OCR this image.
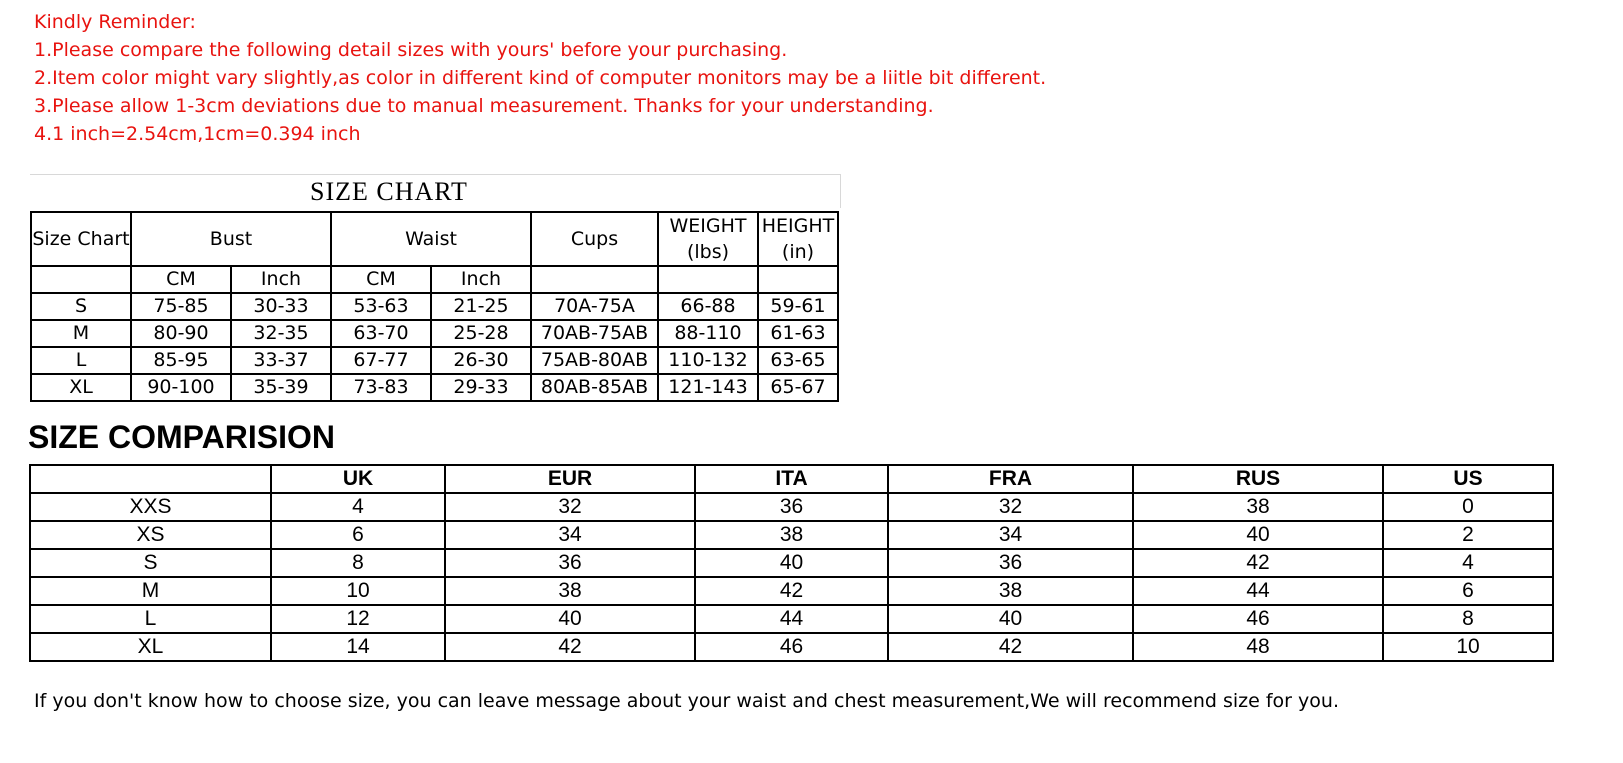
Kindly Reminder:
1.Please compare the following detail sizes with yours' before your purchasing.
2.Item color might vary slightly,as color in different kind of computer monitors may be a liitle bit different.
3.Please allow 1-3cm deviations due to manual measurement. Thanks for your understanding.
4.1 inch=2.54cm,1cm=0.394 inch
SIZE CHART
Size Chart	Bust		Waist		Cups	WEIGHT (lbs)	HEIGHT (in)
	CM	Inch	CM	Inch			
S	75-85	30-33	53-63	21-25	70A-75A	66-88	59-61
M	80-90	32-35	63-70	25-28	70AB-75AB	88-110	61-63
L	85-95	33-37	67-77	26-30	75AB-80AB	110-132	63-65
XL	90-100	35-39	73-83	29-33	80AB-85AB	121-143	65-67
SIZE COMPARISION
	UK	EUR	ITA	FRA	RUS	US
XXS	4	32	36	32	38	0
XS	6	34	38	34	40	2
S	8	36	40	36	42	4
M	10	38	42	38	44	6
L	12	40	44	40	46	8
XL	14	42	46	42	48	10
If you don't know how to choose size, you can leave message about your waist and chest measurement,We will recommend size for you.
